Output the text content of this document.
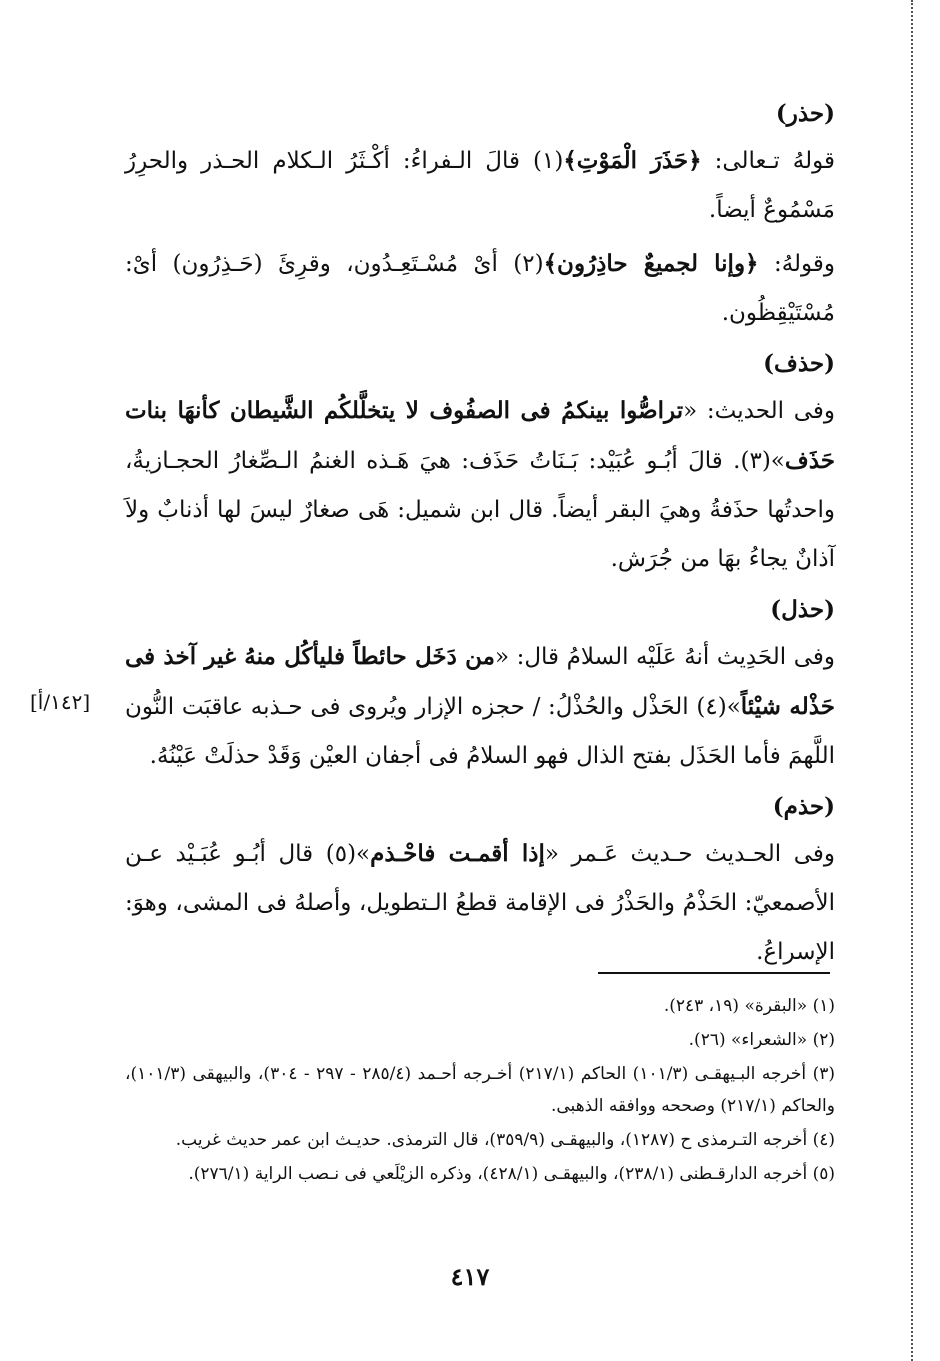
(حذر)

قولهُ تـعالى: ﴿حَذَرَ الْمَوْتِ﴾(١) قالَ الـفراءُ: أكْـثَرُ الـكلام الحـذر والحرِرُ مَسْمُوعٌ أيضاً.

وقولهُ: ﴿وإنا لجميعٌ حاذِرُون﴾(٢) أىْ مُسْـتَعِـدُون، وقرِئَ (حَـذِرُون) أىْ: مُسْتَيْقِظُون.

(حذف)

وفى الحديث: «تراصُّوا بينكمُ فى الصفُوف لا يتخلَّلكُم الشَّيطان كأنهَا بنات حَذَف»(٣). قالَ أبُـو عُبَيْد: بَـنَاتُ حَذَف: هيَ هَـذه الغنمُ الـصِّغارُ الحجـازيةُ، واحدتُها حذَفةُ وهيَ البقر أيضاً. قال ابن شميل: هَى صغارٌ ليسَ لها أذنابٌ ولاَ آذانٌ يجاءُ بهَا من جُرَش.

(حذل)

وفى الحَدِيث أنهُ عَلَيْه السلامُ قال: «من دَخَل حائطاً فليأكُل منهُ غير آخذ فى حَذْله شيْئاً»(٤) الحَذْل والحُذْلُ: / حجزه الإزار ويُروى فى حـذبه عاقبَت النُّون اللَّهمَ فأما الحَذَل بفتح الذال فهو السلامُ فى أجفان العيْن وَقَدْ حذلَتْ عَيْنُهُ.

(حذم)

وفى الحـديث حـديث عَـمر «إذا أقمـت فاحْـذم»(٥) قال أبُـو عُبَـيْد عـن الأصمعيّ: الحَذْمُ والحَذْرُ فى الإقامة قطعُ الـتطويل، وأصلهُ فى المشى، وهوَ: الإسراعُ.

[١٤٢/أ]

(١) «البقرة» (١٩، ٢٤٣).

(٢) «الشعراء» (٢٦).

(٣) أخرجه البـيهقـى (١٠١/٣) الحاكم (٢١٧/١) أخـرجه أحـمد (٢٨٥/٤ - ٢٩٧ - ٣٠٤)، والبيهقى (١٠١/٣)، والحاكم (٢١٧/١) وصححه ووافقه الذهبى.

(٤) أخرجه التـرمذى ح (١٢٨٧)، والبيهقـى (٣٥٩/٩)، قال الترمذى. حديـث ابن عمر حديث غريب.

(٥) أخرجه الدارقـطنى (٢٣٨/١)، والبيهقـى (٤٢٨/١)، وذكره الزيْلَعي فى نـصب الراية (٢٧٦/١).

٤١٧
